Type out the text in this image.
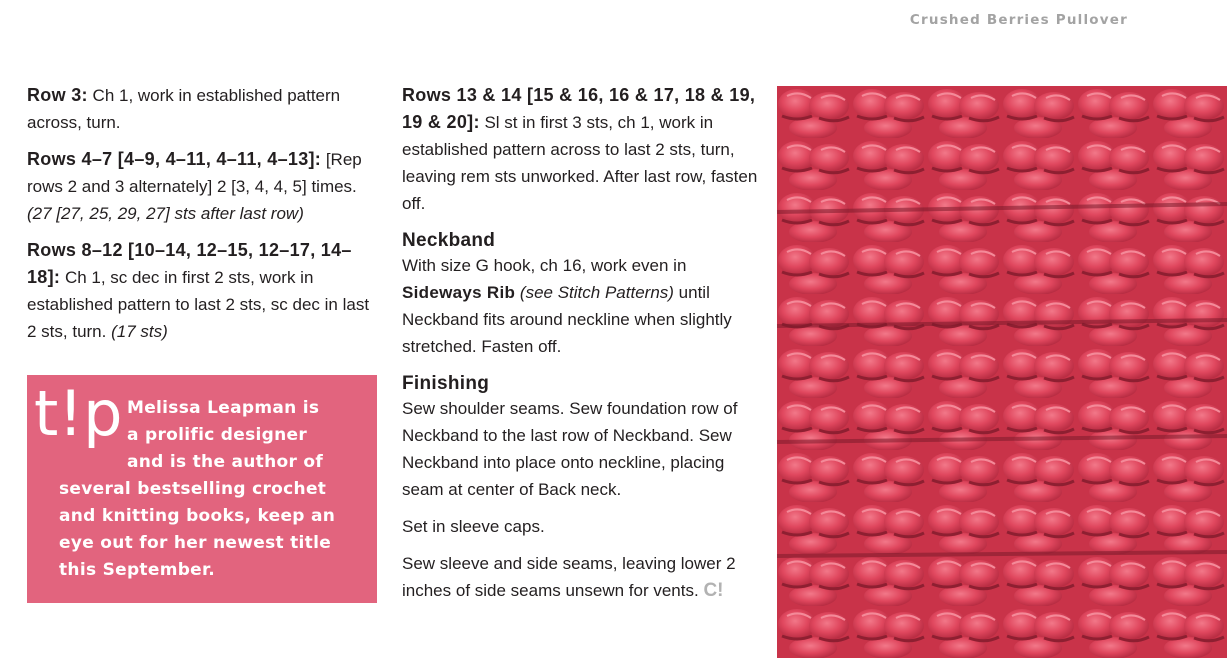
Crushed Berries Pullover

Row 3: Ch 1, work in established pattern across, turn.

Rows 4–7 [4–9, 4–11, 4–11, 4–13]: [Rep rows 2 and 3 alternately] 2 [3, 4, 4, 5] times. (27 [27, 25, 29, 27] sts after last row)

Rows 8–12 [10–14, 12–15, 12–17, 14–18]: Ch 1, sc dec in first 2 sts, work in established pattern to last 2 sts, sc dec in last 2 sts, turn. (17 sts)

t!p Melissa Leapman is
a prolific designer
and is the author of
several bestselling crochet
and knitting books, keep an
eye out for her newest title
this September.

Rows 13 & 14 [15 & 16, 16 & 17, 18 & 19, 19 & 20]: Sl st in first 3 sts, ch 1, work in established pattern across to last 2 sts, turn, leaving rem sts unworked. After last row, fasten off.

Neckband

With size G hook, ch 16, work even in Sideways Rib (see Stitch Patterns) until Neckband fits around neckline when slightly stretched. Fasten off.

Finishing

Sew shoulder seams. Sew foundation row of Neckband to the last row of Neckband. Sew Neckband into place onto neckline, placing seam at center of Back neck.

Set in sleeve caps.

Sew sleeve and side seams, leaving lower 2 inches of side seams unsewn for vents. C!
